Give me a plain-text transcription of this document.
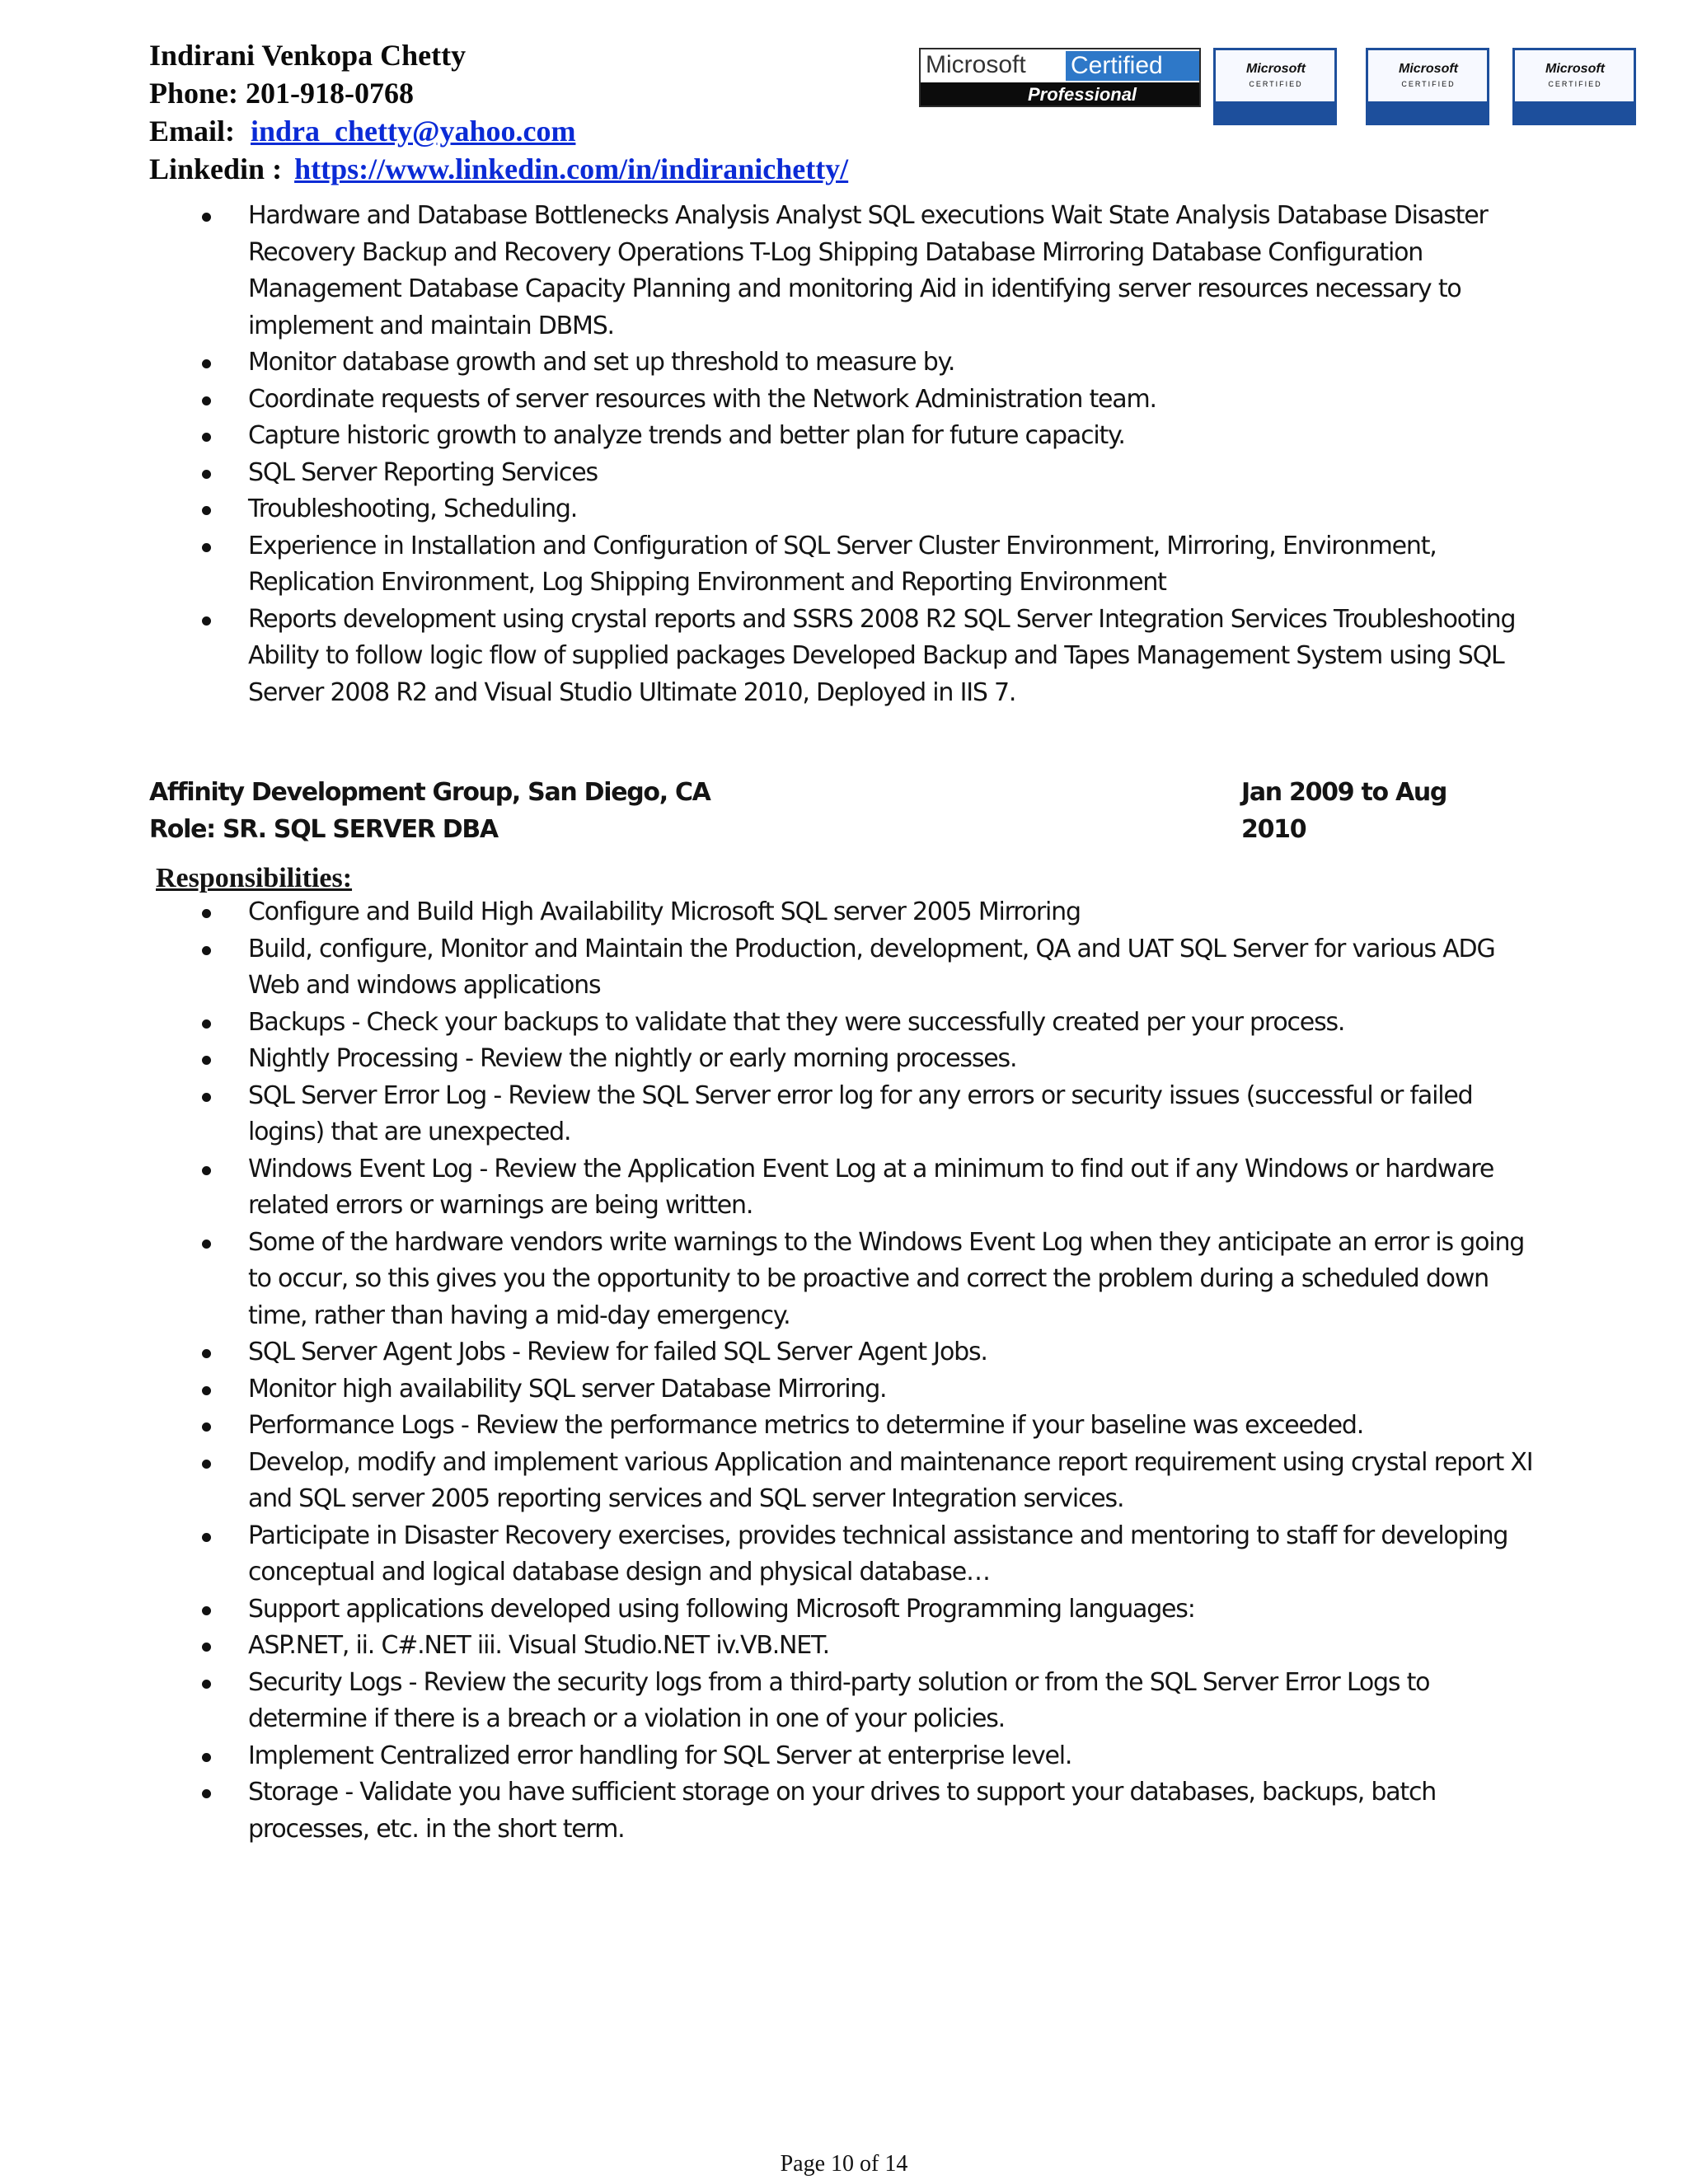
Indirani Venkopa Chetty
Phone: 201-918-0768
Email: indra_chetty@yahoo.com
Linkedin : https://www.linkedin.com/in/indiranichetty/
Microsoft Certified
Professional
Microsoft
CERTIFIED
Microsoft
CERTIFIED
Microsoft
CERTIFIED
Hardware and Database Bottlenecks Analysis Analyst SQL executions Wait State Analysis Database Disaster Recovery Backup and Recovery Operations T-Log Shipping Database Mirroring Database Configuration Management Database Capacity Planning and monitoring Aid in identifying server resources necessary to implement and maintain DBMS.
Monitor database growth and set up threshold to measure by.
Coordinate requests of server resources with the Network Administration team.
Capture historic growth to analyze trends and better plan for future capacity.
SQL Server Reporting Services
Troubleshooting, Scheduling.
Experience in Installation and Configuration of SQL Server Cluster Environment, Mirroring, Environment, Replication Environment, Log Shipping Environment and Reporting Environment
Reports development using crystal reports and SSRS 2008 R2 SQL Server Integration Services Troubleshooting Ability to follow logic flow of supplied packages Developed Backup and Tapes Management System using SQL Server 2008 R2 and Visual Studio Ultimate 2010, Deployed in IIS 7.
Affinity Development Group, San Diego, CA	Jan 2009 to Aug 2010
Role: SR. SQL SERVER DBA
Responsibilities:
Configure and Build High Availability Microsoft SQL server 2005 Mirroring
Build, configure, Monitor and Maintain the Production, development, QA and UAT SQL Server for various ADG Web and windows applications
Backups - Check your backups to validate that they were successfully created per your process.
Nightly Processing - Review the nightly or early morning processes.
SQL Server Error Log - Review the SQL Server error log for any errors or security issues (successful or failed logins) that are unexpected.
Windows Event Log - Review the Application Event Log at a minimum to find out if any Windows or hardware related errors or warnings are being written.
Some of the hardware vendors write warnings to the Windows Event Log when they anticipate an error is going to occur, so this gives you the opportunity to be proactive and correct the problem during a scheduled down time, rather than having a mid-day emergency.
SQL Server Agent Jobs - Review for failed SQL Server Agent Jobs.
Monitor high availability SQL server Database Mirroring.
Performance Logs - Review the performance metrics to determine if your baseline was exceeded.
Develop, modify and implement various Application and maintenance report requirement using crystal report XI and SQL server 2005 reporting services and SQL server Integration services.
Participate in Disaster Recovery exercises, provides technical assistance and mentoring to staff for developing conceptual and logical database design and physical database…
Support applications developed using following Microsoft Programming languages:
ASP.NET, ii. C#.NET iii. Visual Studio.NET iv.VB.NET.
Security Logs - Review the security logs from a third-party solution or from the SQL Server Error Logs to determine if there is a breach or a violation in one of your policies.
Implement Centralized error handling for SQL Server at enterprise level.
Storage - Validate you have sufficient storage on your drives to support your databases, backups, batch processes, etc. in the short term.
Page 10 of 14
